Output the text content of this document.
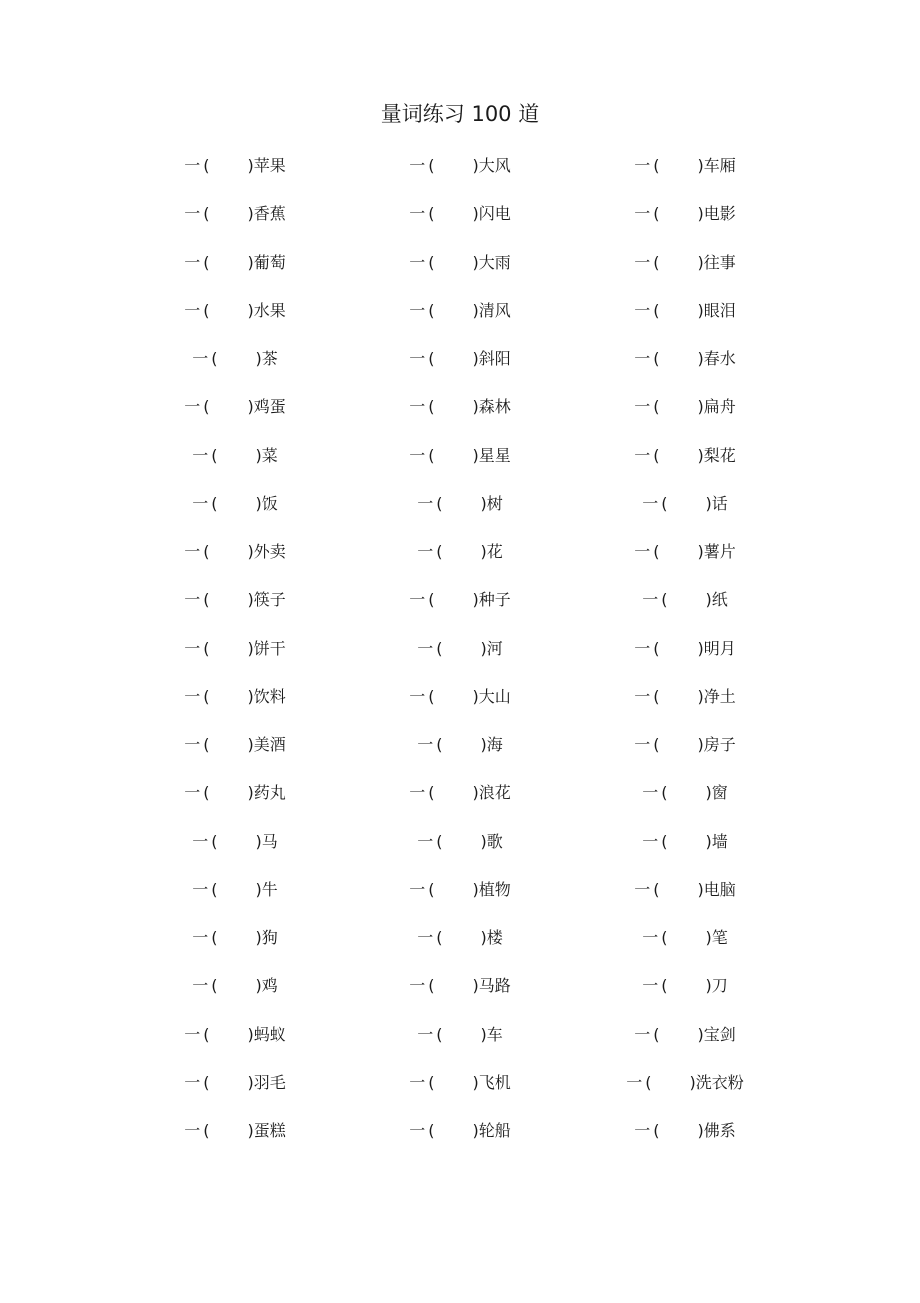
量词练习 100 道
一 ( )苹果	一 ( )大风	一 ( )车厢
一 ( )香蕉	一 ( )闪电	一 ( )电影
一 ( )葡萄	一 ( )大雨	一 ( )往事
一 ( )水果	一 ( )清风	一 ( )眼泪
一 ( )茶	一 ( )斜阳	一 ( )春水
一 ( )鸡蛋	一 ( )森林	一 ( )扁舟
一 ( )菜	一 ( )星星	一 ( )梨花
一 ( )饭	一 ( )树	一 ( )话
一 ( )外卖	一 ( )花	一 ( )薯片
一 ( )筷子	一 ( )种子	一 ( )纸
一 ( )饼干	一 ( )河	一 ( )明月
一 ( )饮料	一 ( )大山	一 ( )净土
一 ( )美酒	一 ( )海	一 ( )房子
一 ( )药丸	一 ( )浪花	一 ( )窗
一 ( )马	一 ( )歌	一 ( )墙
一 ( )牛	一 ( )植物	一 ( )电脑
一 ( )狗	一 ( )楼	一 ( )笔
一 ( )鸡	一 ( )马路	一 ( )刀
一 ( )蚂蚁	一 ( )车	一 ( )宝剑
一 ( )羽毛	一 ( )飞机	一 ( )洗衣粉
一 ( )蛋糕	一 ( )轮船	一 ( )佛系
